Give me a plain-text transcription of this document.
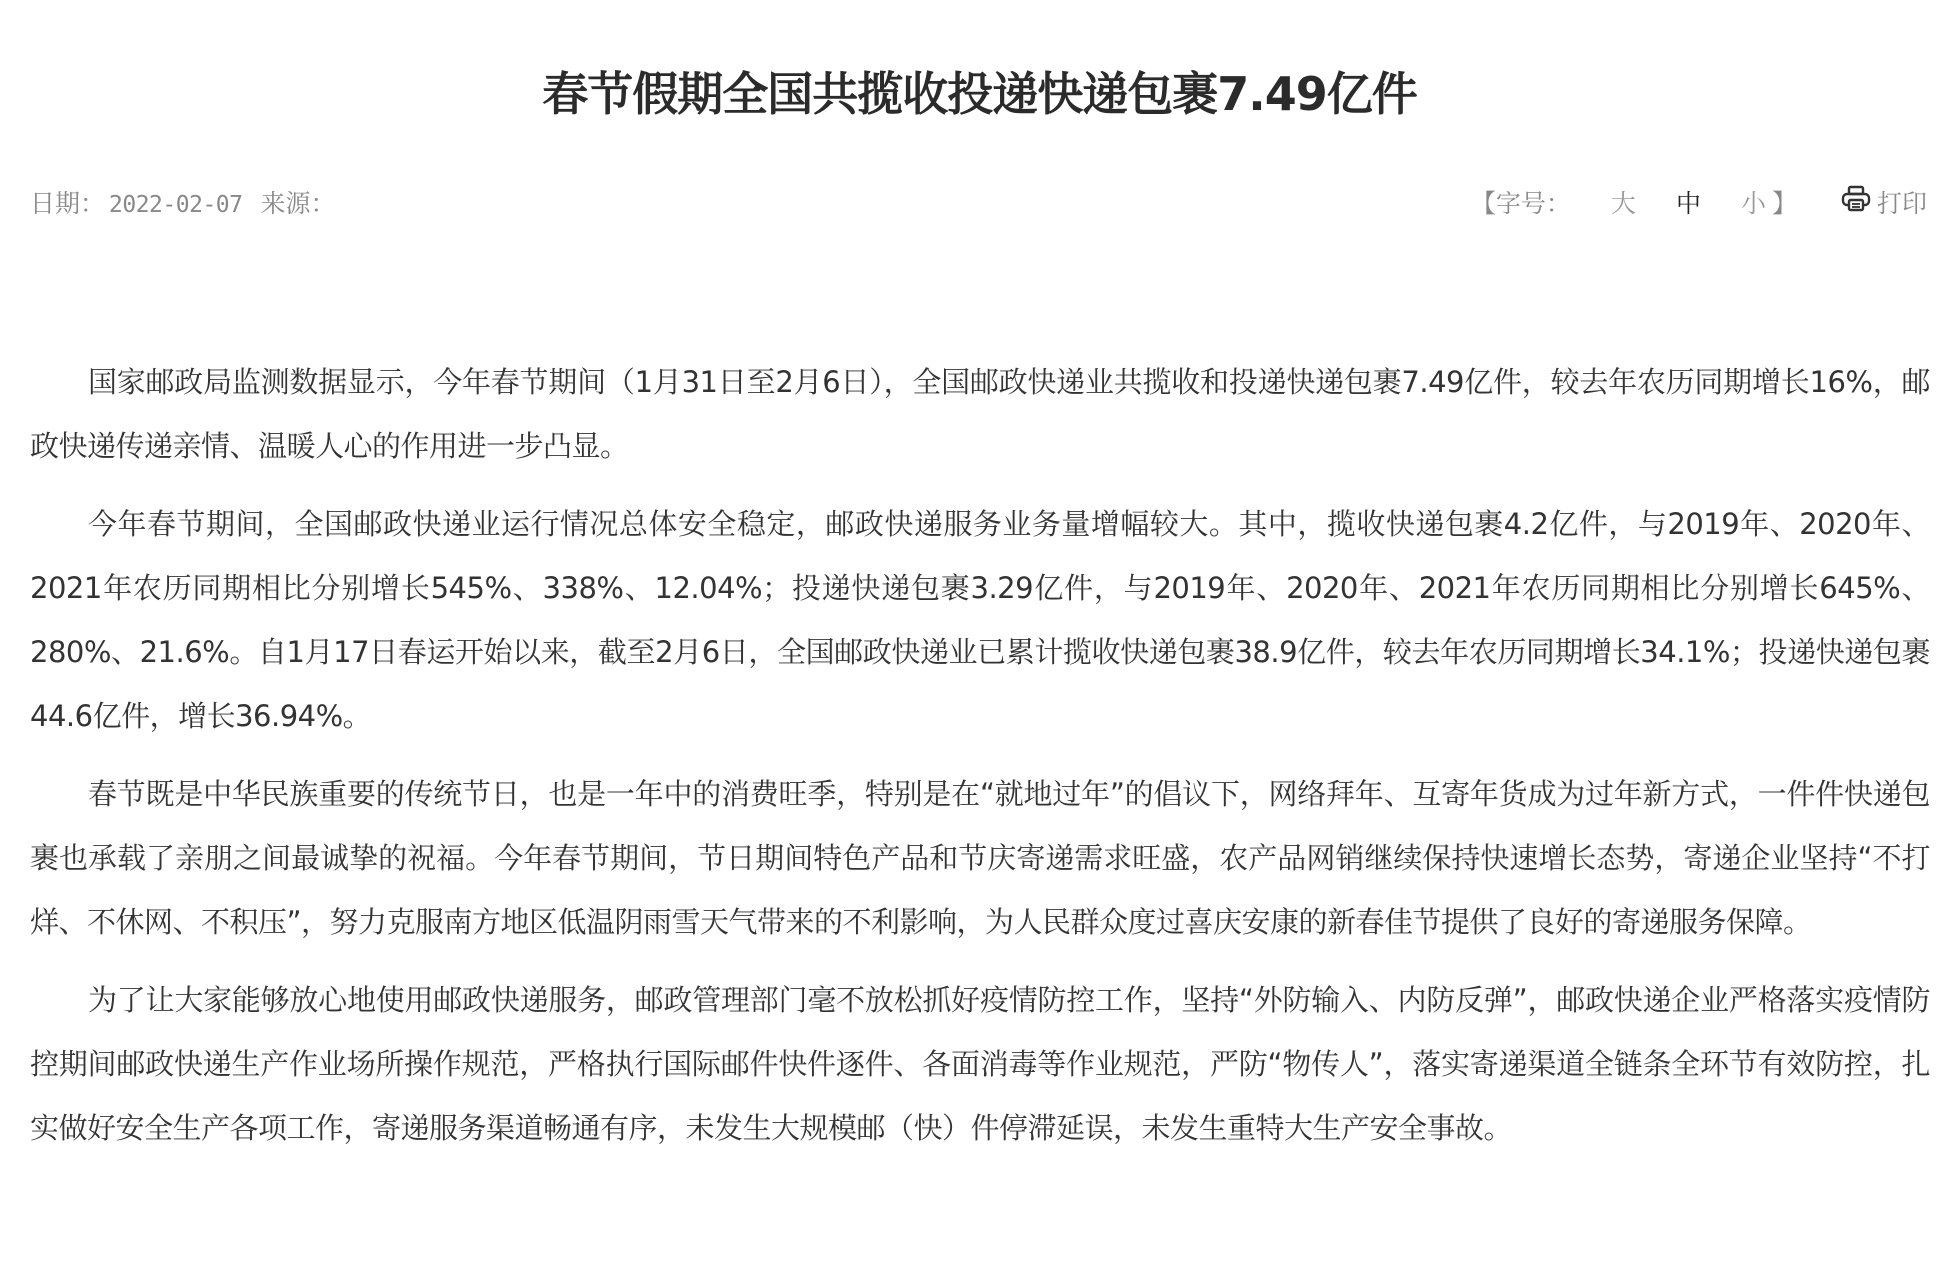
春节假期全国共揽收投递快递包裹7.49亿件
日期： 2022-02-07 来源：	【 字号： 大 中 小 】	打印

国家邮政局监测数据显示，今年春节期间（1月31日至2月6日），全国邮政快递业共揽收和投递快递包裹7.49亿件，较去年农历同期增长16%，邮政快递传递亲情、温暖人心的作用进一步凸显。

今年春节期间，全国邮政快递业运行情况总体安全稳定，邮政快递服务业务量增幅较大。其中，揽收快递包裹4.2亿件，与2019年、2020年、2021年农历同期相比分别增长545%、338%、12.04%；投递快递包裹3.29亿件，与2019年、2020年、2021年农历同期相比分别增长645%、280%、21.6%。自1月17日春运开始以来，截至2月6日，全国邮政快递业已累计揽收快递包裹38.9亿件，较去年农历同期增长34.1%；投递快递包裹44.6亿件，增长36.94%。

春节既是中华民族重要的传统节日，也是一年中的消费旺季，特别是在“就地过年”的倡议下，网络拜年、互寄年货成为过年新方式，一件件快递包裹也承载了亲朋之间最诚挚的祝福。今年春节期间，节日期间特色产品和节庆寄递需求旺盛，农产品网销继续保持快速增长态势，寄递企业坚持“不打烊、不休网、不积压”，努力克服南方地区低温阴雨雪天气带来的不利影响，为人民群众度过喜庆安康的新春佳节提供了良好的寄递服务保障。

为了让大家能够放心地使用邮政快递服务，邮政管理部门毫不放松抓好疫情防控工作，坚持“外防输入、内防反弹”，邮政快递企业严格落实疫情防控期间邮政快递生产作业场所操作规范，严格执行国际邮件快件逐件、各面消毒等作业规范，严防“物传人”，落实寄递渠道全链条全环节有效防控，扎实做好安全生产各项工作，寄递服务渠道畅通有序，未发生大规模邮（快）件停滞延误，未发生重特大生产安全事故。
